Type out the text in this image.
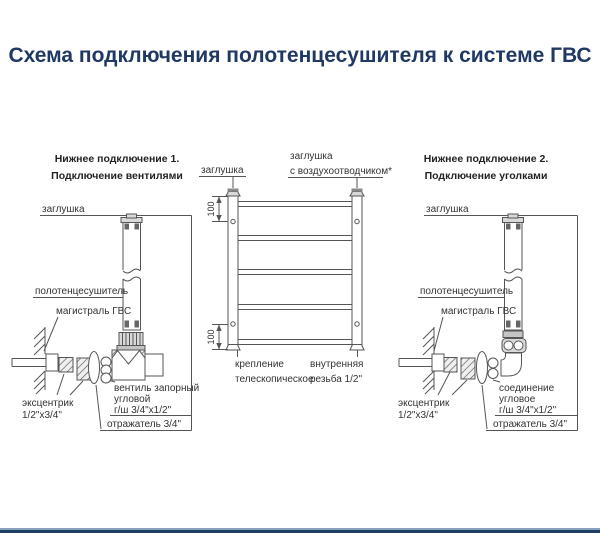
Схема подключения полотенцесушителя к системе ГВС
Нижнее подключение 1.
Подключение вентилями
заглушка
полотенцесушитель
магистраль ГВС
эксцентрик
1/2"x3/4"
вентиль запорный
угловой
г/ш 3/4"x1/2"
отражатель 3/4"
100
100
заглушка
заглушка
с воздухоотводчиком*
крепление
телескопическое
внутренняя
резьба 1/2"
Нижнее подключение 2.
Подключение уголками
заглушка
полотенцесушитель
магистраль ГВС
эксцентрик
1/2"x3/4"
соединение
угловое
г/ш 3/4"x1/2"
отражатель 3/4"
